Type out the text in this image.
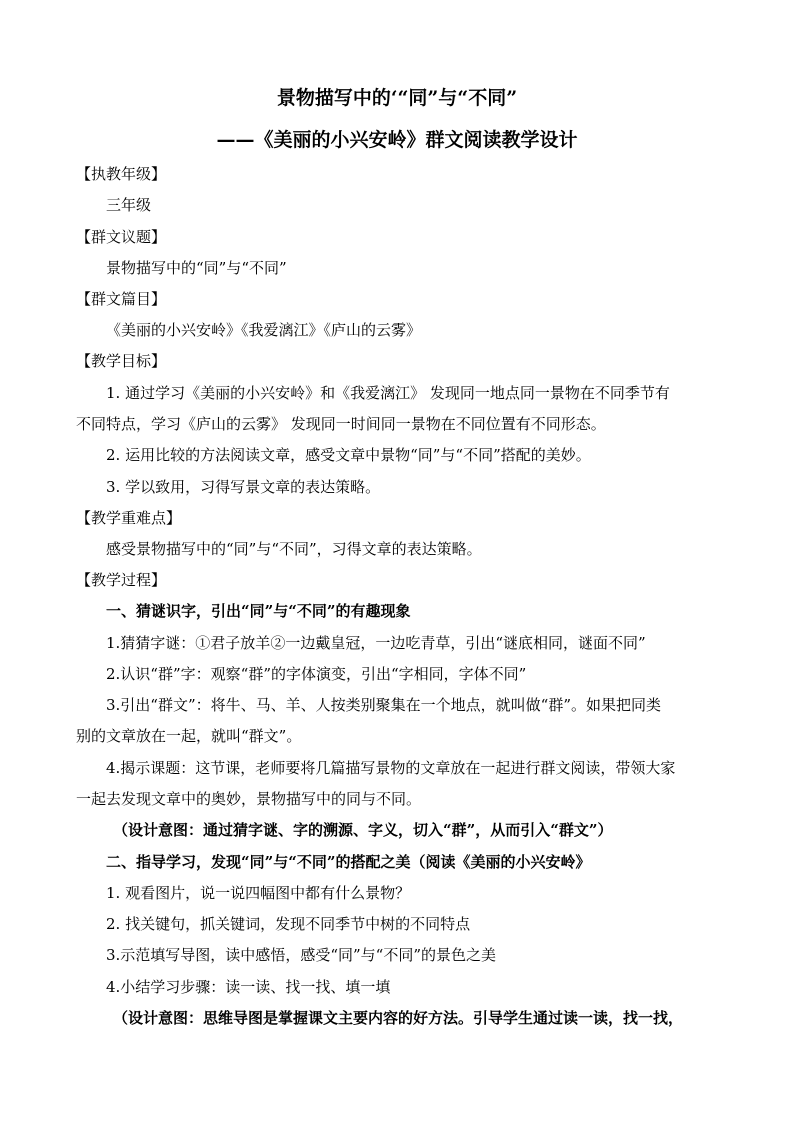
景物描写中的‘“同”与“不同”
——《美丽的小兴安岭》群文阅读教学设计
【执教年级】
三年级
【群文议题】
景物描写中的“同”与“不同”
【群文篇目】
《美丽的小兴安岭》《我爱漓江》《庐山的云雾》
【教学目标】
1. 通过学习《美丽的小兴安岭》和《我爱漓江》 发现同一地点同一景物在不同季节有
不同特点，学习《庐山的云雾》 发现同一时间同一景物在不同位置有不同形态。
2. 运用比较的方法阅读文章，感受文章中景物“同”与“不同”搭配的美妙。
3. 学以致用，习得写景文章的表达策略。
【教学重难点】
感受景物描写中的“同”与“不同”，习得文章的表达策略。
【教学过程】
一、猜谜识字，引出“同”与“不同”的有趣现象
1.猜猜字谜：①君子放羊②一边戴皇冠，一边吃青草，引出“谜底相同，谜面不同”
2.认识“群”字：观察“群”的字体演变，引出“字相同，字体不同”
3.引出“群文”：将牛、马、羊、人按类别聚集在一个地点，就叫做“群”。如果把同类
别的文章放在一起，就叫“群文”。
4.揭示课题：这节课，老师要将几篇描写景物的文章放在一起进行群文阅读，带领大家
一起去发现文章中的奥妙，景物描写中的同与不同。
（设计意图：通过猜字谜、字的溯源、字义，切入“群”，从而引入“群文”）
二、指导学习，发现“同”与“不同”的搭配之美（阅读《美丽的小兴安岭》
1. 观看图片，说一说四幅图中都有什么景物？
2. 找关键句，抓关键词，发现不同季节中树的不同特点
3.示范填写导图，读中感悟，感受“同”与“不同”的景色之美
4.小结学习步骤：读一读、找一找、填一填
（设计意图：思维导图是掌握课文主要内容的好方法。引导学生通过读一读，找一找，
